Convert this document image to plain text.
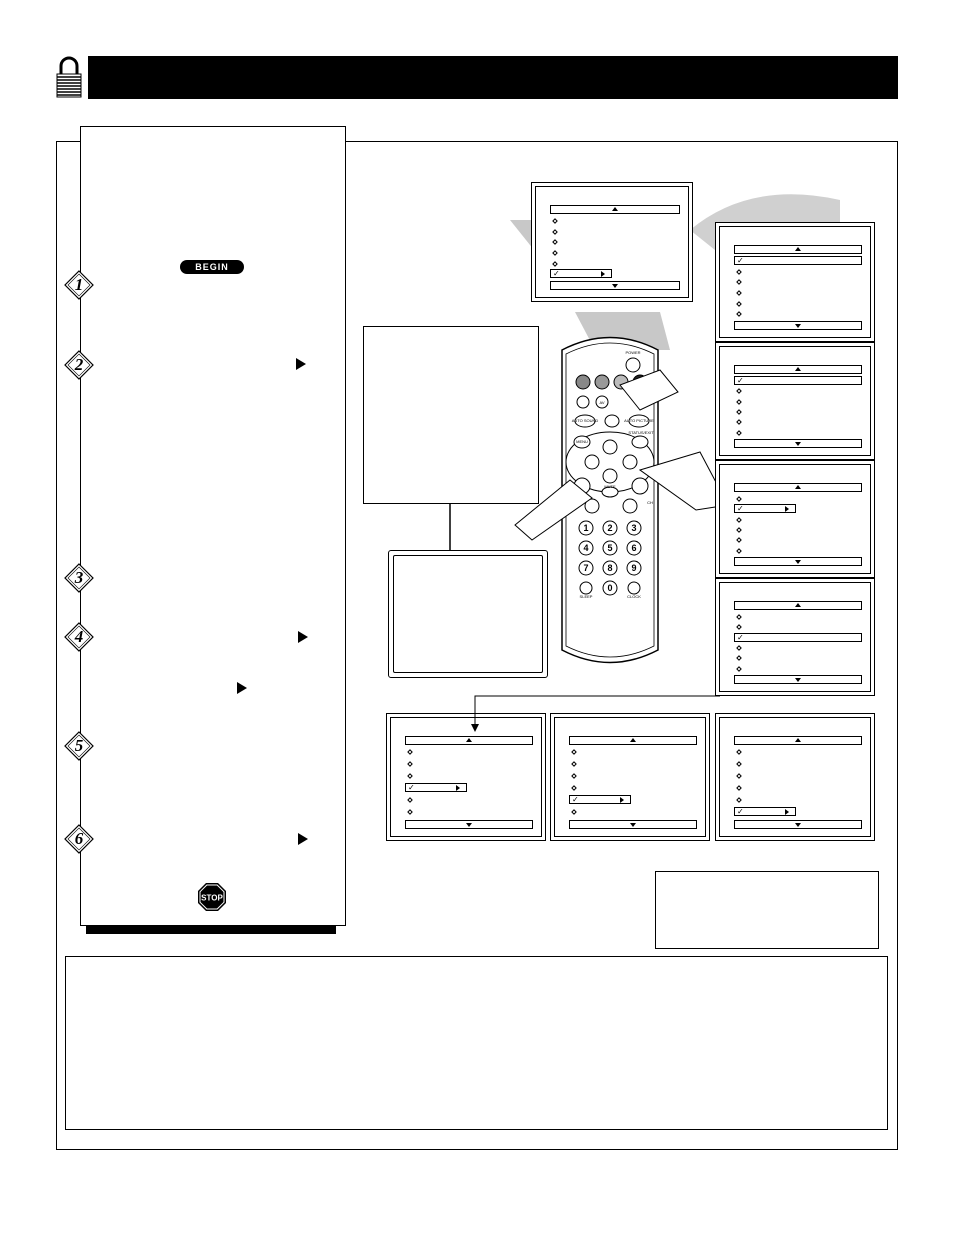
BEGIN
1
2
3
4
5
6
STOP
POWER
AV
CH
AUTO SOUND	AUTO PICTURE
STATUS/EXIT
MENU
MUTE
SLEEP	CLOCK
1 2 3
4 5 6
7 8 9
0
✓
✓
✓
✓
✓
✓
✓
✓
